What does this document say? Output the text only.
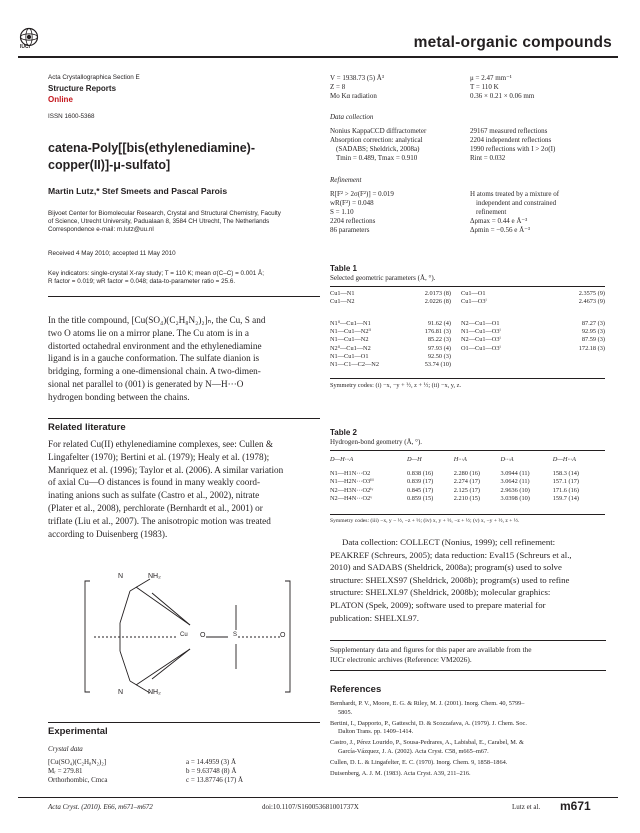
IUCr	metal-organic compounds
Acta Crystallographica Section E
Structure Reports
Online
ISSN 1600-5368
catena-Poly[[bis(ethylenediamine)-
copper(II)]-μ-sulfato]
Martin Lutz,* Stef Smeets and Pascal Parois
Bijvoet Center for Biomolecular Research, Crystal and Structural Chemistry, Faculty
of Science, Utrecht University, Padualaan 8, 3584 CH Utrecht, The Netherlands
Correspondence e-mail: m.lutz@uu.nl
Received 4 May 2010; accepted 11 May 2010
Key indicators: single-crystal X-ray study; T = 110 K; mean σ(C–C) = 0.001 Å;
R factor = 0.019; wR factor = 0.048; data-to-parameter ratio = 25.6.
In the title compound, [Cu(SO₄)(C₂H₈N₂)₂]ₙ, the Cu, S and
two O atoms lie on a mirror plane. The Cu atom is in a
distorted octahedral environment and the ethylenediamine
ligand is in a gauche conformation. The sulfate dianion is
bridging, forming a one-dimensional chain. A two-dimen-
sional net parallel to (001) is generated by N—H···O
hydrogen bonding between the chains.
Related literature
For related Cu(II) ethylenediamine complexes, see: Cullen &
Lingafelter (1970); Bertini et al. (1979); Healy et al. (1978);
Manriquez et al. (1996); Taylor et al. (2006). A similar variation
of axial Cu—O distances is found in many weakly coord-
inating anions such as sulfate (Castro et al., 2002), nitrate
(Plater et al., 2008), perchlorate (Bernhardt et al., 2001) or
triflate (Liu et al., 2007). The anisotropic motion was treated
according to Duisenberg (1983).
N	NH₂
N	NH₂
O
Cu	S	O
Experimental
Crystal data
[Cu(SO₄)(C₂H₈N₂)₂]
Mᵣ = 279.81
Orthorhombic, Cmca
a = 14.4959 (3) Å
b = 9.63748 (8) Å
c = 13.87746 (17) Å
V = 1938.73 (5) Å³
Z = 8
Mo Kα radiation
μ = 2.47 mm⁻¹
T = 110 K
0.36 × 0.21 × 0.06 mm
Data collection
Nonius KappaCCD diffractometer
Absorption correction: analytical
(SADABS; Sheldrick, 2008a)
Tmin = 0.489, Tmax = 0.910
29167 measured reflections
2204 independent reflections
1990 reflections with I > 2σ(I)
Rint = 0.032
Refinement
R[F² > 2σ(F²)] = 0.019
wR(F²) = 0.048
S = 1.10
2204 reflections
86 parameters
H atoms treated by a mixture of
independent and constrained
refinement
Δρmax = 0.44 e Å⁻³
Δρmin = −0.56 e Å⁻³
Table 1
Selected geometric parameters (Å, °).
Cu1—N1	2.0173 (8)	Cu1—O1	2.3575 (9)
Cu1—N2	2.0226 (8)	Cu1—O3ⁱ	2.4673 (9)
N1ⁱⁱ—Cu1—N1	91.62 (4)	N2—Cu1—O1	87.27 (3)
N1—Cu1—N2ⁱⁱ	176.81 (3)	N1—Cu1—O3ⁱ	92.95 (3)
N1—Cu1—N2	85.22 (3)	N2—Cu1—O3ⁱ	87.59 (3)
N2ⁱⁱ—Cu1—N2	97.93 (4)	O1—Cu1—O3ⁱ	172.18 (3)
N1—Cu1—O1	92.50 (3)		
N1—C1—C2—N2	53.74 (10)		
Symmetry codes: (i) −x, −y + ½, z + ½; (ii) −x, y, z.
Table 2
Hydrogen-bond geometry (Å, °).
D—H···A	D—H	H···A	D···A	D—H···A
N1—H1N···O2	0.838 (16)	2.280 (16)	3.0944 (11)	158.3 (14)
N1—H2N···O3ⁱⁱⁱ	0.839 (17)	2.274 (17)	3.0642 (11)	157.1 (17)
N2—H3N···O2ⁱᵛ	0.845 (17)	2.125 (17)	2.9636 (10)	171.6 (16)
N2—H4N···O2ᵛ	0.859 (15)	2.210 (15)	3.0398 (10)	159.7 (14)
Symmetry codes: (iii) −x, y − ½, −z + ½; (iv) x, y + ½, −z + ½; (v) x, −y + ½, z + ½.
Data collection: COLLECT (Nonius, 1999); cell refinement:
PEAKREF (Schreurs, 2005); data reduction: Eval15 (Schreurs et al.,
2010) and SADABS (Sheldrick, 2008a); program(s) used to solve
structure: SHELXS97 (Sheldrick, 2008b); program(s) used to refine
structure: SHELXL97 (Sheldrick, 2008b); molecular graphics:
PLATON (Spek, 2009); software used to prepare material for
publication: SHELXL97.
Supplementary data and figures for this paper are available from the
IUCr electronic archives (Reference: VM2026).
References
Bernhardt, P. V., Moore, E. G. & Riley, M. J. (2001). Inorg. Chem. 40, 5799–
5805.
Bertini, I., Dapporto, P., Gatteschi, D. & Scozzafava, A. (1979). J. Chem. Soc.
Dalton Trans. pp. 1409–1414.
Castro, J., Pérez Lourido, P., Sousa-Pedrares, A., Labisbal, E., Carabel, M. &
García-Vázquez, J. A. (2002). Acta Cryst. C58, m665–m67.
Cullen, D. L. & Lingafelter, E. C. (1970). Inorg. Chem. 9, 1858–1864.
Duisenberg, A. J. M. (1983). Acta Cryst. A39, 211–216.
Acta Cryst. (2010). E66, m671–m672	doi:10.1107/S160053681001737X	Lutz et al. m671
